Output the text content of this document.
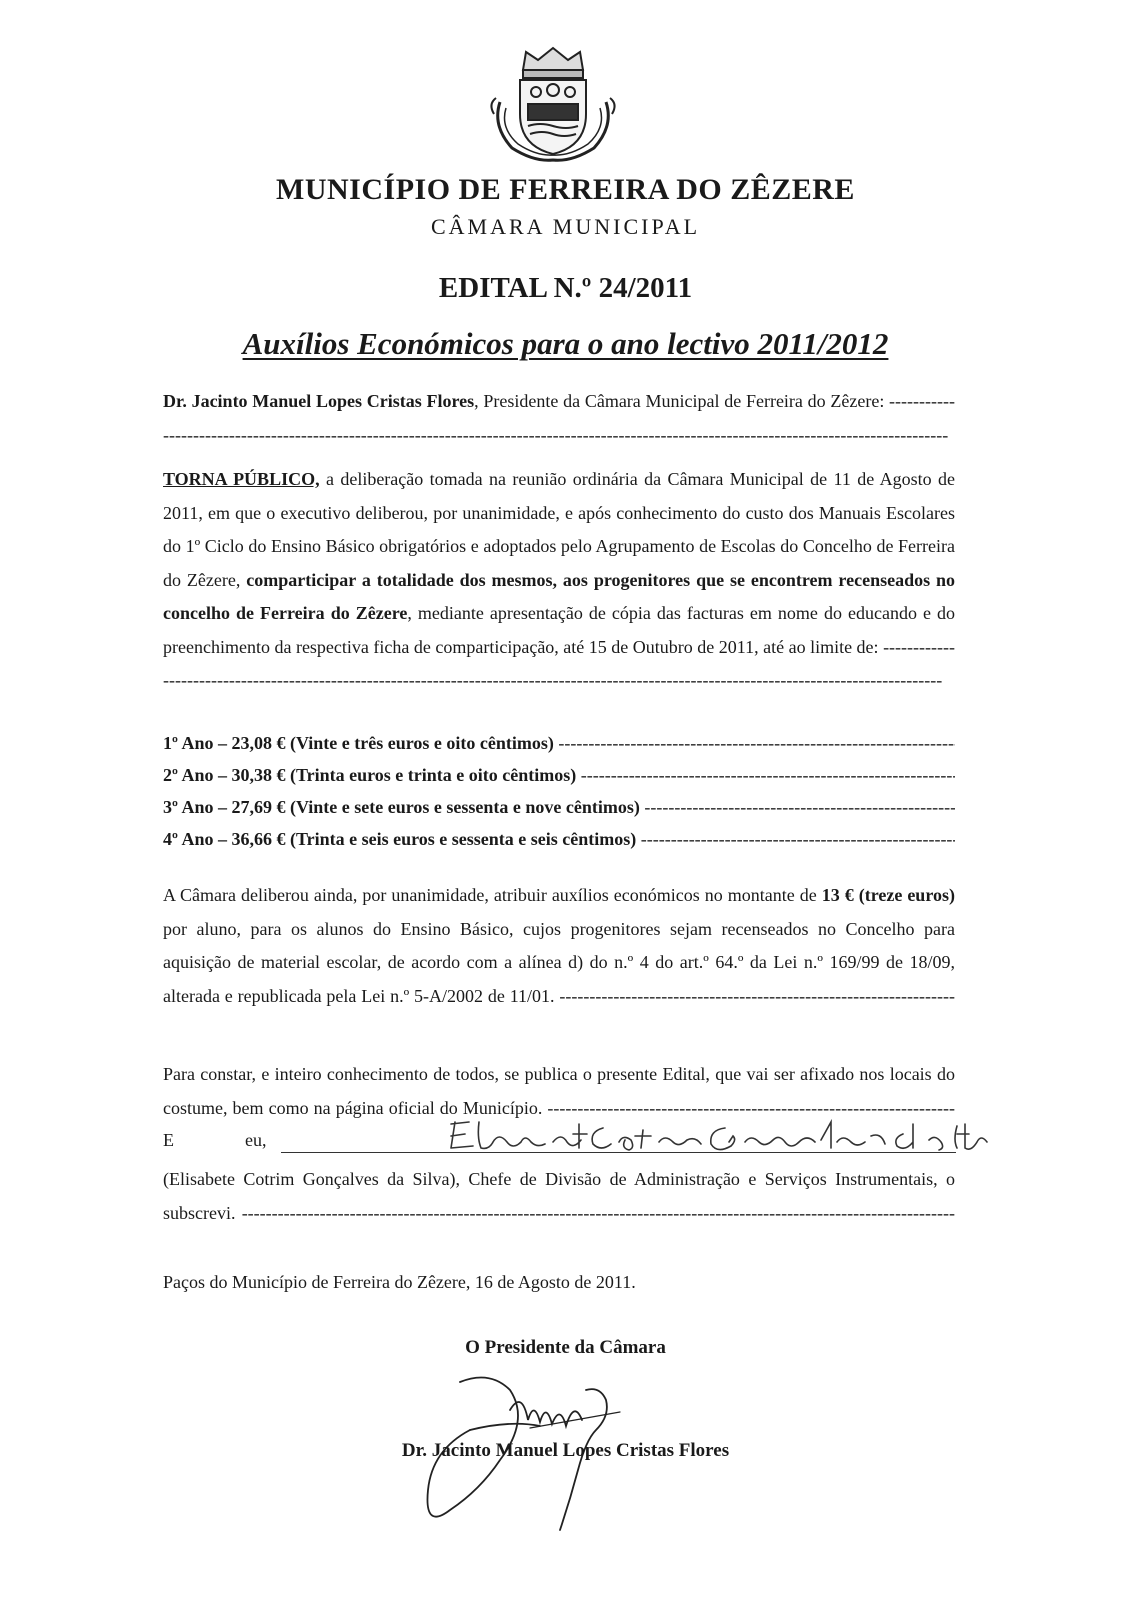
MUNICÍPIO DE FERREIRA DO ZÊZERE
CÂMARA MUNICIPAL
EDITAL N.º 24/2011
Auxílios Económicos para o ano lectivo 2011/2012

Dr. Jacinto Manuel Lopes Cristas Flores, Presidente da Câmara Municipal de Ferreira do Zêzere: -----

TORNA PÚBLICO, a deliberação tomada na reunião ordinária da Câmara Municipal de 11 de Agosto de 2011, em que o executivo deliberou, por unanimidade, e após conhecimento do custo dos Manuais Escolares do 1º Ciclo do Ensino Básico obrigatórios e adoptados pelo Agrupamento de Escolas do Concelho de Ferreira do Zêzere, comparticipar a totalidade dos mesmos, aos progenitores que se encontrem recenseados no concelho de Ferreira do Zêzere, mediante apresentação de cópia das facturas em nome do educando e do preenchimento da respectiva ficha de comparticipação, até 15 de Outubro de 2011, até ao limite de: -----

1º Ano – 23,08 € (Vinte e três euros e oito cêntimos) -----
2º Ano – 30,38 € (Trinta euros e trinta e oito cêntimos) -----
3º Ano – 27,69 € (Vinte e sete euros e sessenta e nove cêntimos) -----
4º Ano – 36,66 € (Trinta e seis euros e sessenta e seis cêntimos) -----

A Câmara deliberou ainda, por unanimidade, atribuir auxílios económicos no montante de 13 € (treze euros) por aluno, para os alunos do Ensino Básico, cujos progenitores sejam recenseados no Concelho para aquisição de material escolar, de acordo com a alínea d) do n.º 4 do art.º 64.º da Lei n.º 169/99 de 18/09, alterada e republicada pela Lei n.º 5-A/2002 de 11/01. -----

Para constar, e inteiro conhecimento de todos, se publica o presente Edital, que vai ser afixado nos locais do costume, bem como na página oficial do Município. -----

E	eu,

(Elisabete Cotrim Gonçalves da Silva), Chefe de Divisão de Administração e Serviços Instrumentais, o subscrevi. -----

Paços do Município de Ferreira do Zêzere, 16 de Agosto de 2011.
O Presidente da Câmara
Dr. Jacinto Manuel Lopes Cristas Flores
